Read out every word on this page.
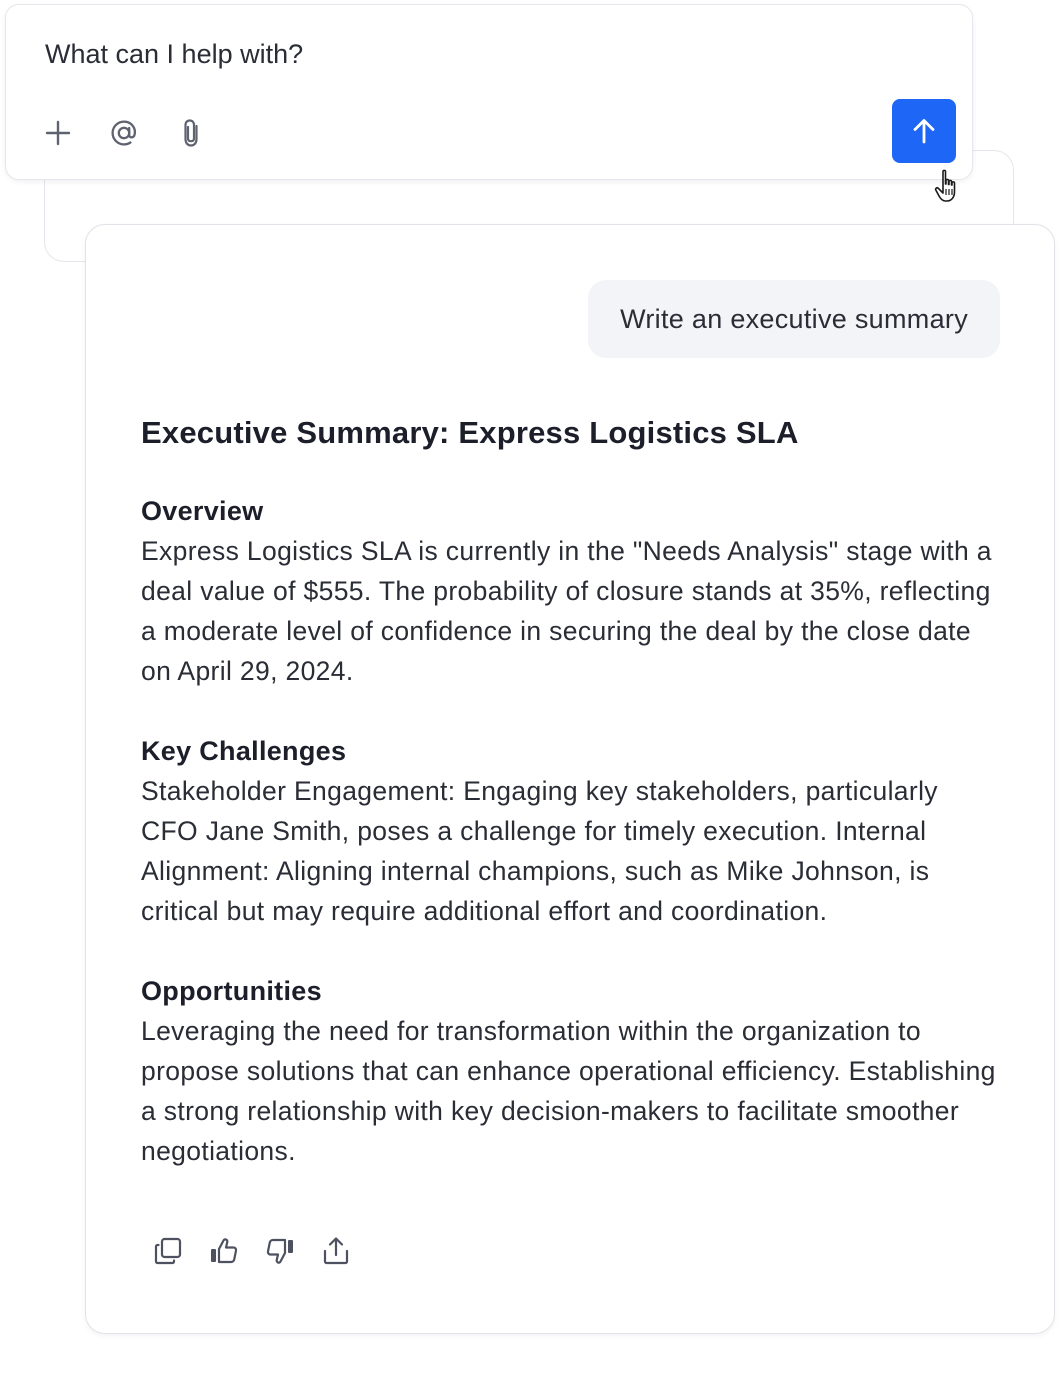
What can I help with?
Write an executive summary
Executive Summary: Express Logistics SLA
Overview

Express Logistics SLA is currently in the "Needs Analysis" stage with a deal value of $555. The probability of closure stands at 35%, reflecting a moderate level of confidence in securing the deal by the close date on April 29, 2024.

Key Challenges

Stakeholder Engagement: Engaging key stakeholders, particularly CFO Jane Smith, poses a challenge for timely execution. Internal Alignment: Aligning internal champions, such as Mike Johnson, is critical but may require additional effort and coordination.

Opportunities

Leveraging the need for transformation within the organization to propose solutions that can enhance operational efficiency. Establishing a strong relationship with key decision-makers to facilitate smoother negotiations.
